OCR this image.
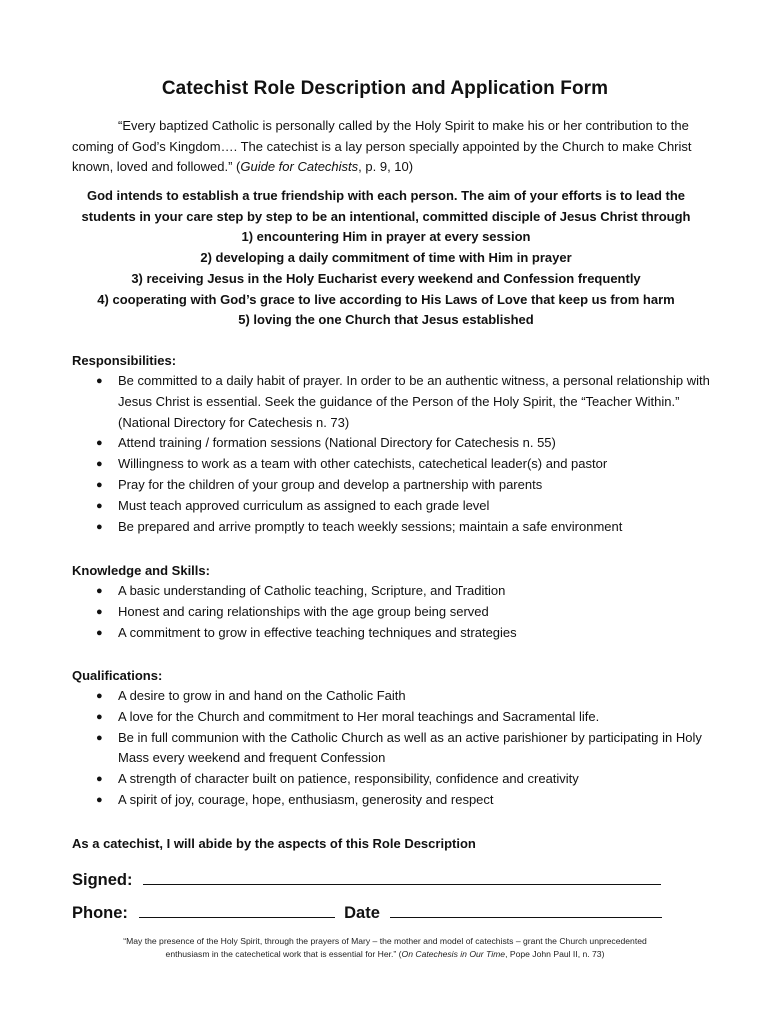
Catechist Role Description and Application Form
“Every baptized Catholic is personally called by the Holy Spirit to make his or her contribution to the coming of God’s Kingdom…. The catechist is a lay person specially appointed by the Church to make Christ known, loved and followed.” (Guide for Catechists, p. 9, 10)
God intends to establish a true friendship with each person. The aim of your efforts is to lead the
students in your care step by step to be an intentional, committed disciple of Jesus Christ through
1) encountering Him in prayer at every session
2) developing a daily commitment of time with Him in prayer
3) receiving Jesus in the Holy Eucharist every weekend and Confession frequently
4) cooperating with God’s grace to live according to His Laws of Love that keep us from harm
5) loving the one Church that Jesus established
Responsibilities:
● Be committed to a daily habit of prayer. In order to be an authentic witness, a personal relationship with Jesus Christ is essential. Seek the guidance of the Person of the Holy Spirit, the “Teacher Within.” (National Directory for Catechesis n. 73)
● Attend training / formation sessions (National Directory for Catechesis n. 55)
● Willingness to work as a team with other catechists, catechetical leader(s) and pastor
● Pray for the children of your group and develop a partnership with parents
● Must teach approved curriculum as assigned to each grade level
● Be prepared and arrive promptly to teach weekly sessions; maintain a safe environment
Knowledge and Skills:
● A basic understanding of Catholic teaching, Scripture, and Tradition
● Honest and caring relationships with the age group being served
● A commitment to grow in effective teaching techniques and strategies
Qualifications:
● A desire to grow in and hand on the Catholic Faith
● A love for the Church and commitment to Her moral teachings and Sacramental life.
● Be in full communion with the Catholic Church as well as an active parishioner by participating in Holy Mass every weekend and frequent Confession
● A strength of character built on patience, responsibility, confidence and creativity
● A spirit of joy, courage, hope, enthusiasm, generosity and respect
As a catechist, I will abide by the aspects of this Role Description
Signed:
Phone:	Date
“May the presence of the Holy Spirit, through the prayers of Mary – the mother and model of catechists – grant the Church unprecedented enthusiasm in the catechetical work that is essential for Her.” (On Catechesis in Our Time, Pope John Paul II, n. 73)
